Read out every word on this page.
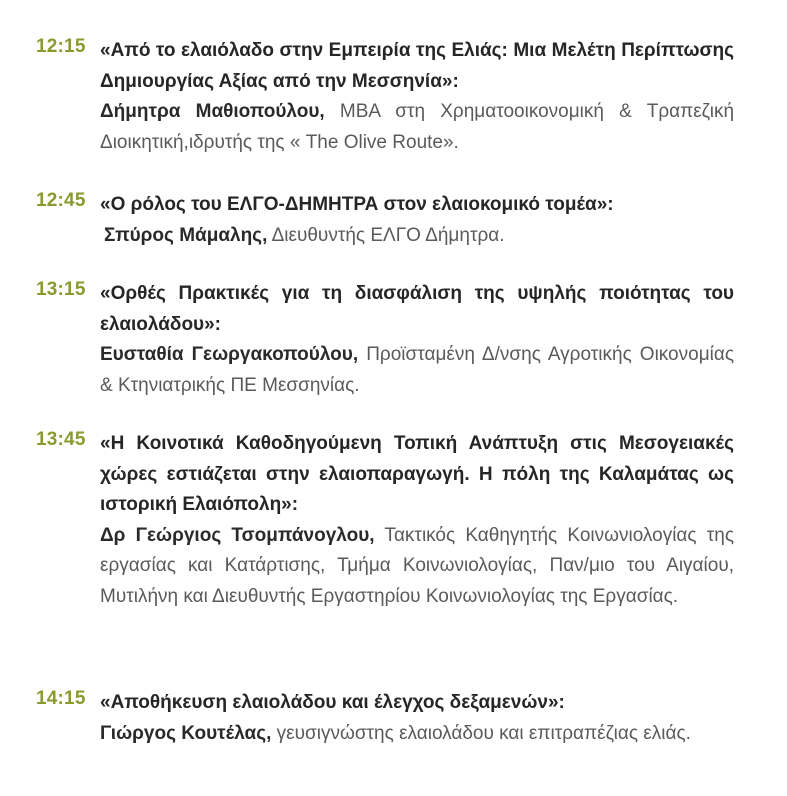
12:15 «Από το ελαιόλαδο στην Εμπειρία της Ελιάς: Μια Μελέτη Περίπτωσης Δημιουργίας Αξίας από την Μεσσηνία»:

Δήμητρα Μαθιοπούλου, MBA στη Χρηματοοικονομική & Τραπεζική Διοικητική,ιδρυτής της « The Olive Route».

12:45 «Ο ρόλος του ΕΛΓΟ-ΔΗΜΗΤΡΑ στον ελαιοκομικό τομέα»:

Σπύρος Μάμαλης, Διευθυντής ΕΛΓΟ Δήμητρα.

13:15 «Ορθές Πρακτικές για τη διασφάλιση της υψηλής ποιότητας του ελαιολάδου»:

Ευσταθία Γεωργακοπούλου, Προϊσταμένη Δ/νσης Αγροτικής Οικονομίας & Κτηνιατρικής ΠΕ Μεσσηνίας.

13:45 «Η Κοινοτικά Καθοδηγούμενη Τοπική Ανάπτυξη στις Μεσογειακές χώρες εστιάζεται στην ελαιοπαραγωγή. Η πόλη της Καλαμάτας ως ιστορική Ελαιόπολη»:

Δρ Γεώργιος Τσομπάνογλου, Τακτικός Καθηγητής Κοινωνιολογίας της εργασίας και Κατάρτισης, Τμήμα Κοινωνιολογίας, Παν/μιο του Αιγαίου, Μυτιλήνη και Διευθυντής Εργαστηρίου Κοινωνιολογίας της Εργασίας.

14:15 «Αποθήκευση ελαιολάδου και έλεγχος δεξαμενών»:

Γιώργος Κουτέλας, γευσιγνώστης ελαιολάδου και επιτραπέζιας ελιάς.
